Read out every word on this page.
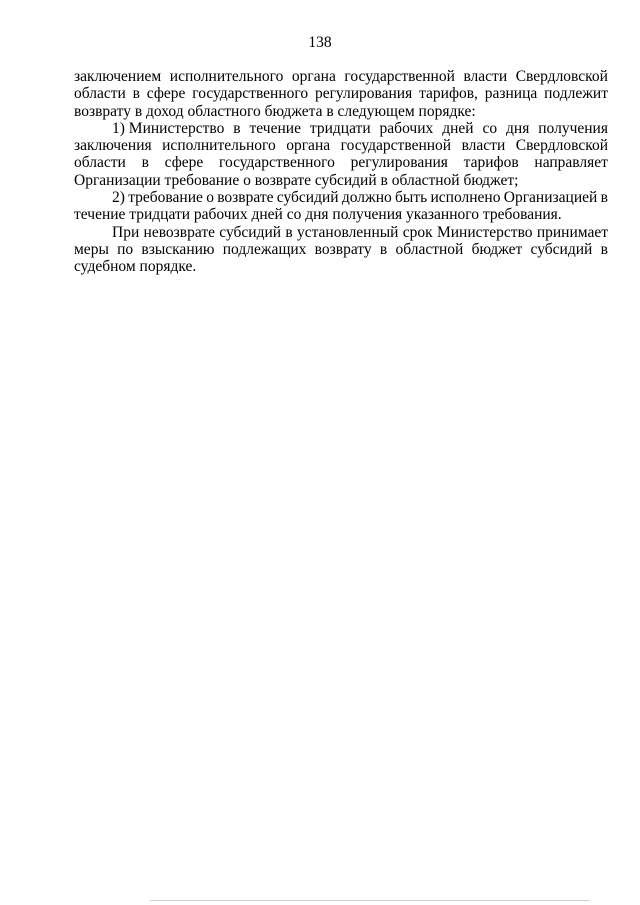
138
заключением исполнительного органа государственной власти Свердловской
области в сфере государственного регулирования тарифов, разница подлежит
возврату в доход областного бюджета в следующем порядке:
1) Министерство в течение тридцати рабочих дней со дня получения
заключения исполнительного органа государственной власти Свердловской
области в сфере государственного регулирования тарифов направляет
Организации требование о возврате субсидий в областной бюджет;
2) требование о возврате субсидий должно быть исполнено Организацией в
течение тридцати рабочих дней со дня получения указанного требования.
При невозврате субсидий в установленный срок Министерство принимает
меры по взысканию подлежащих возврату в областной бюджет субсидий в
судебном порядке.
